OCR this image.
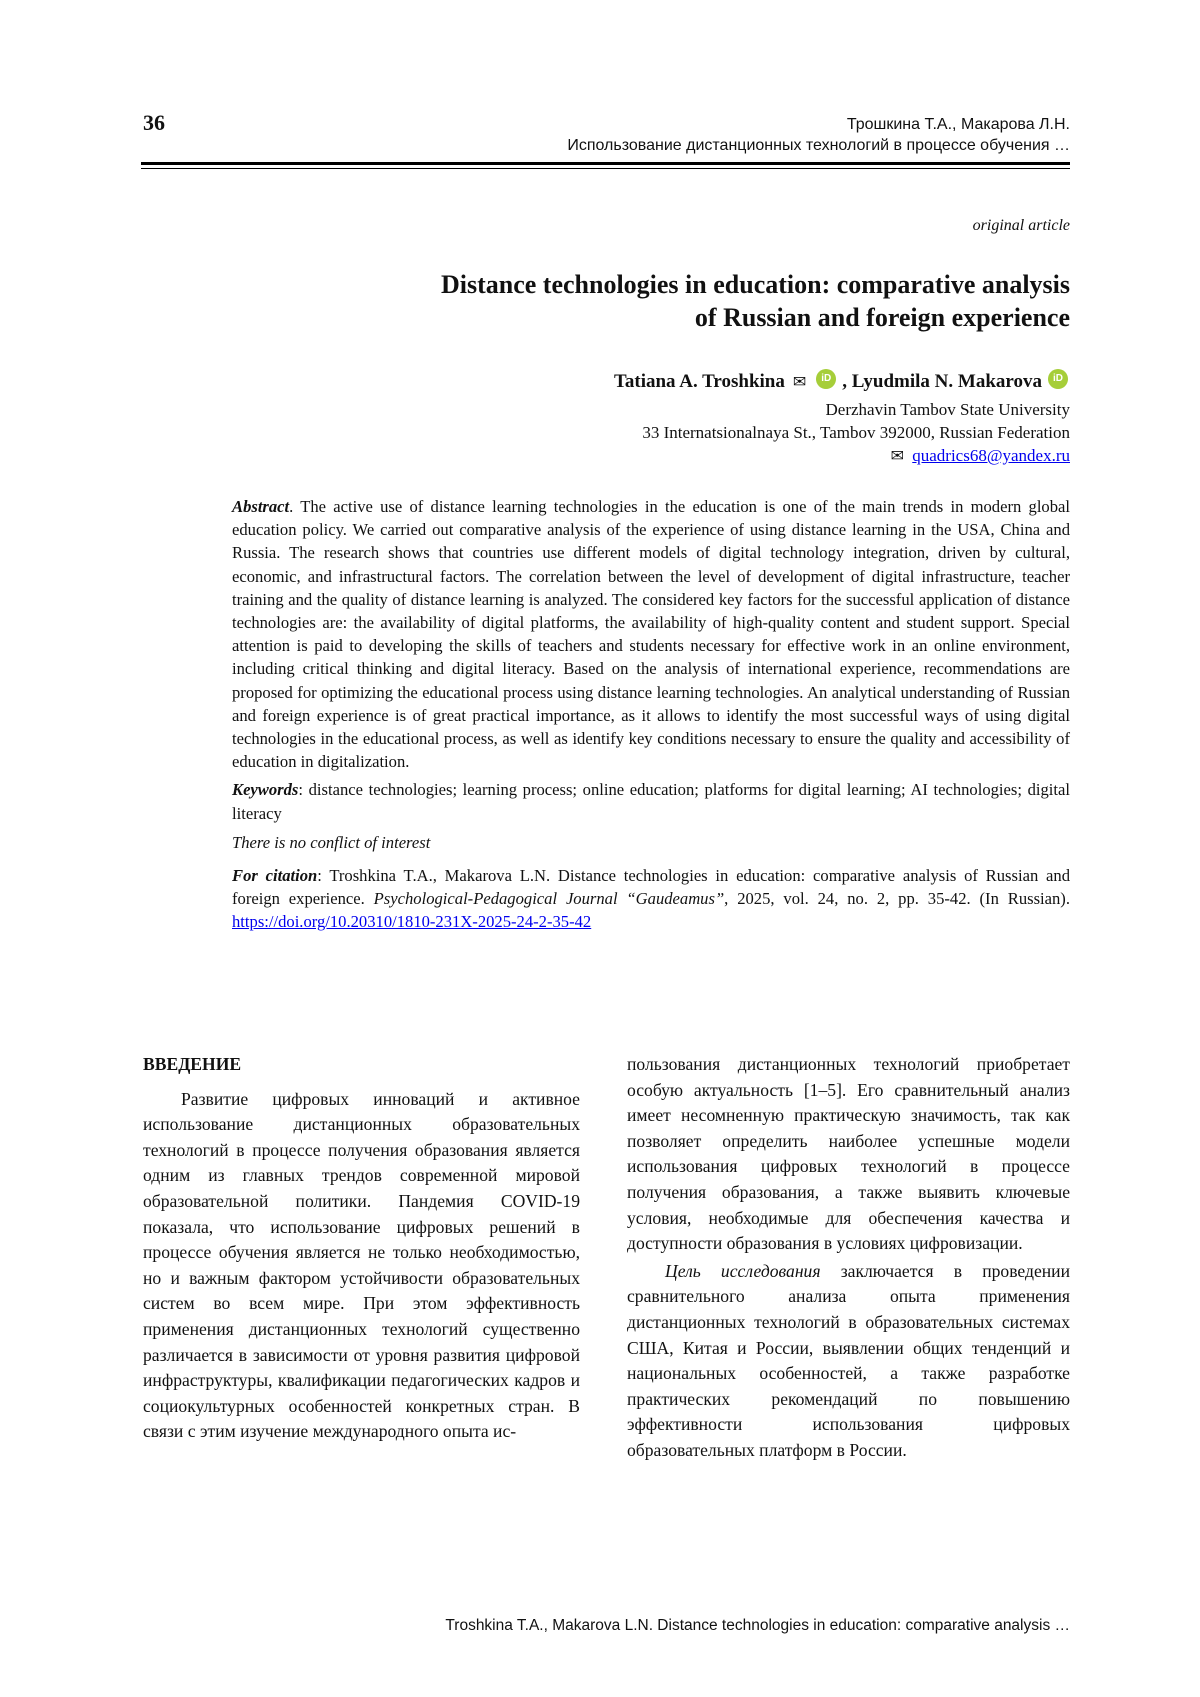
36	Трошкина Т.А., Макарова Л.Н.
Использование дистанционных технологий в процессе обучения …
original article
Distance technologies in education: comparative analysis
of Russian and foreign experience
Tatiana A. Troshkina ✉	iD , Lyudmila N. Makarova	iD
Derzhavin Tambov State University
33 Internatsionalnaya St., Tambov 392000, Russian Federation
✉ quadrics68@yandex.ru

Abstract. The active use of distance learning technologies in the education is one of the main trends in modern global education policy. We carried out comparative analysis of the experience of using distance learning in the USA, China and Russia. The research shows that countries use different models of digital technology integration, driven by cultural, economic, and infrastructural factors. The correlation between the level of development of digital infrastructure, teacher training and the quality of distance learning is analyzed. The considered key factors for the successful application of distance technologies are: the availability of digital platforms, the availability of high-quality content and student support. Special attention is paid to developing the skills of teachers and students necessary for effective work in an online environment, including critical thinking and digital literacy. Based on the analysis of international experience, recommendations are proposed for optimizing the educational process using distance learning technologies. An analytical understanding of Russian and foreign experience is of great practical importance, as it allows to identify the most successful ways of using digital technologies in the educational process, as well as identify key conditions necessary to ensure the quality and accessibility of education in digitalization.

Keywords: distance technologies; learning process; online education; platforms for digital learning; AI technologies; digital literacy

There is no conflict of interest

For citation: Troshkina T.A., Makarova L.N. Distance technologies in education: comparative analysis of Russian and foreign experience. Psychological-Pedagogical Journal “Gaudeamus”, 2025, vol. 24, no. 2, pp. 35-42. (In Russian). https://doi.org/10.20310/1810-231X-2025-24-2-35-42

ВВЕДЕНИЕ

Развитие цифровых инноваций и активное использование дистанционных образовательных технологий в процессе получения образования является одним из главных трендов современной мировой образовательной политики. Пандемия COVID-19 показала, что использование цифровых решений в процессе обучения является не только необходимостью, но и важным фактором устойчивости образовательных систем во всем мире. При этом эффективность применения дистанционных технологий существенно различается в зависимости от уровня развития цифровой инфраструктуры, квалификации педагогических кадров и социокультурных особенностей конкретных стран. В связи с этим изучение международного опыта ис-

пользования дистанционных технологий приобретает особую актуальность [1–5]. Его сравнительный анализ имеет несомненную практическую значимость, так как позволяет определить наиболее успешные модели использования цифровых технологий в процессе получения образования, а также выявить ключевые условия, необходимые для обеспечения качества и доступности образования в условиях цифровизации.

Цель исследования заключается в проведении сравнительного анализа опыта применения дистанционных технологий в образовательных системах США, Китая и России, выявлении общих тенденций и национальных особенностей, а также разработке практических рекомендаций по повышению эффективности использования цифровых образовательных платформ в России.

Troshkina T.A., Makarova L.N. Distance technologies in education: comparative analysis …
